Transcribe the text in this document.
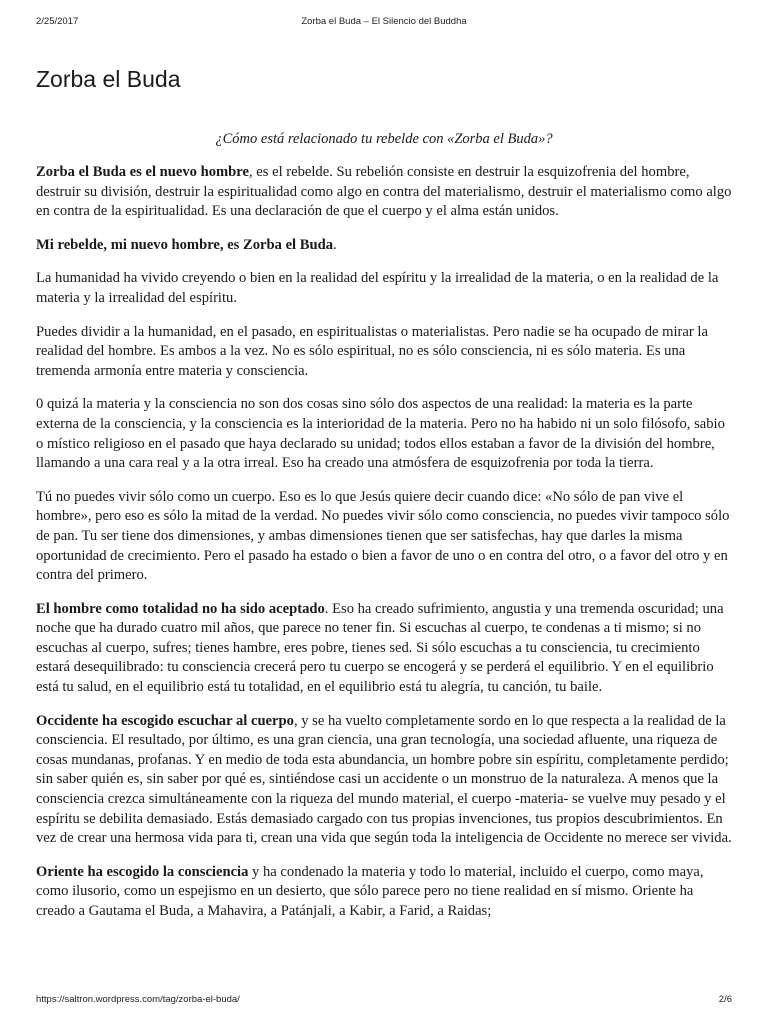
2/25/2017	Zorba el Buda – El Silencio del Buddha
Zorba el Buda

¿Cómo está relacionado tu rebelde con «Zorba el Buda»?

Zorba el Buda es el nuevo hombre, es el rebelde. Su rebelión consiste en destruir la esquizofrenia del hombre, destruir su división, destruir la espiritualidad como algo en contra del materialismo, destruir el materialismo como algo en contra de la espiritualidad. Es una declaración de que el cuerpo y el alma están unidos.

Mi rebelde, mi nuevo hombre, es Zorba el Buda.

La humanidad ha vivido creyendo o bien en la realidad del espíritu y la irrealidad de la materia, o en la realidad de la materia y la irrealidad del espíritu.

Puedes dividir a la humanidad, en el pasado, en espiritualistas o materialistas. Pero nadie se ha ocupado de mirar la realidad del hombre. Es ambos a la vez. No es sólo espiritual, no es sólo consciencia, ni es sólo materia. Es una tremenda armonía entre materia y consciencia.

0 quizá la materia y la consciencia no son dos cosas sino sólo dos aspectos de una realidad: la materia es la parte externa de la consciencia, y la consciencia es la interioridad de la materia. Pero no ha habido ni un solo filósofo, sabio o místico religioso en el pasado que haya declarado su unidad; todos ellos estaban a favor de la división del hombre, llamando a una cara real y a la otra irreal. Eso ha creado una atmósfera de esquizofrenia por toda la tierra.

Tú no puedes vivir sólo como un cuerpo. Eso es lo que Jesús quiere decir cuando dice: «No sólo de pan vive el hombre», pero eso es sólo la mitad de la verdad. No puedes vivir sólo como consciencia, no puedes vivir tampoco sólo de pan. Tu ser tiene dos dimensiones, y ambas dimensiones tienen que ser satisfechas, hay que darles la misma oportunidad de crecimiento. Pero el pasado ha estado o bien a favor de uno o en contra del otro, o a favor del otro y en contra del primero.

El hombre como totalidad no ha sido aceptado. Eso ha creado sufrimiento, angustia y una tremenda oscuridad; una noche que ha durado cuatro mil años, que parece no tener fin. Si escuchas al cuerpo, te condenas a ti mismo; si no escuchas al cuerpo, sufres; tienes hambre, eres pobre, tienes sed. Si sólo escuchas a tu consciencia, tu crecimiento estará desequilibrado: tu consciencia crecerá pero tu cuerpo se encogerá y se perderá el equilibrio. Y en el equilibrio está tu salud, en el equilibrio está tu totalidad, en el equilibrio está tu alegría, tu canción, tu baile.

Occidente ha escogido escuchar al cuerpo, y se ha vuelto completamente sordo en lo que respecta a la realidad de la consciencia. El resultado, por último, es una gran ciencia, una gran tecnología, una sociedad afluente, una riqueza de cosas mundanas, profanas. Y en medio de toda esta abundancia, un hombre pobre sin espíritu, completamente perdido; sin saber quién es, sin saber por qué es, sintiéndose casi un accidente o un monstruo de la naturaleza. A menos que la consciencia crezca simultáneamente con la riqueza del mundo material, el cuerpo -materia- se vuelve muy pesado y el espíritu se debilita demasiado. Estás demasiado cargado con tus propias invenciones, tus propios descubrimientos. En vez de crear una hermosa vida para ti, crean una vida que según toda la inteligencia de Occidente no merece ser vivida.

Oriente ha escogido la consciencia y ha condenado la materia y todo lo material, incluido el cuerpo, como maya, como ilusorio, como un espejismo en un desierto, que sólo parece pero no tiene realidad en sí mismo. Oriente ha creado a Gautama el Buda, a Mahavira, a Patánjali, a Kabir, a Farid, a Raidas;

https://saltron.wordpress.com/tag/zorba-el-buda/	2/6
